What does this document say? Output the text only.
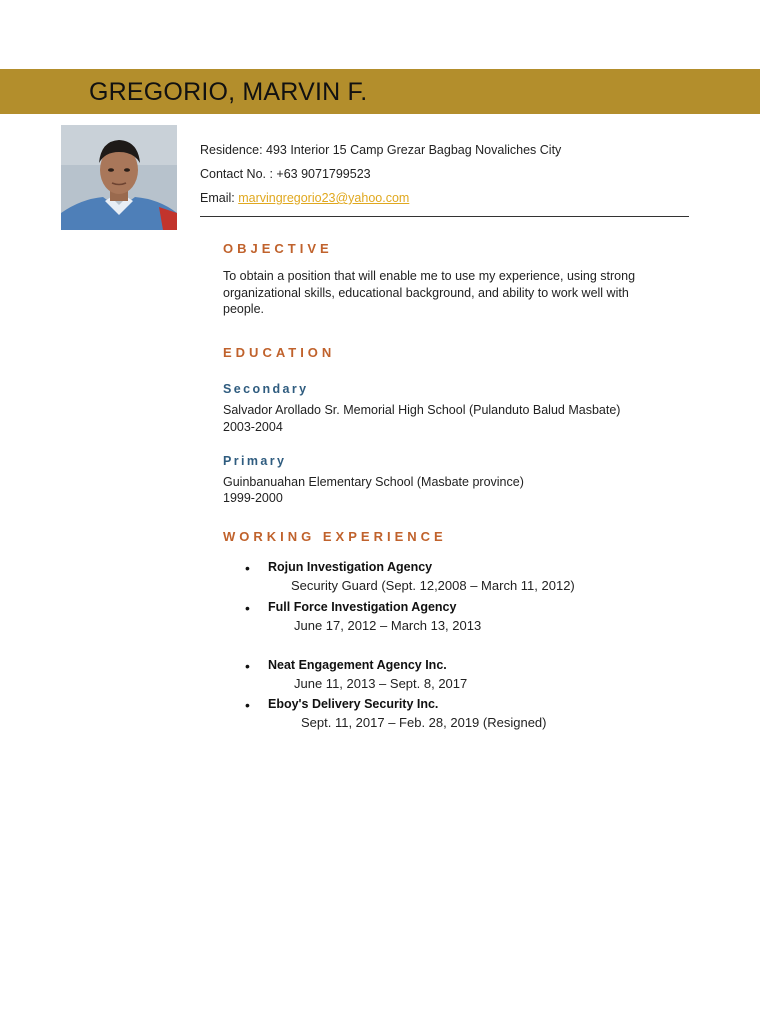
GREGORIO, MARVIN F.
Residence: 493 Interior 15 Camp Grezar Bagbag Novaliches City
Contact No. : +63 9071799523
Email: marvingregorio23@yahoo.com
OBJECTIVE
To obtain a position that will enable me to use my experience, using strong organizational skills, educational background, and ability to work well with people.
EDUCATION
Secondary
Salvador Arollado Sr. Memorial High School (Pulanduto Balud Masbate)
2003-2004
Primary
Guinbanuahan Elementary School (Masbate province)
1999-2000
WORKING EXPERIENCE
• Rojun Investigation Agency
Security Guard (Sept. 12,2008 – March 11, 2012)
• Full Force Investigation Agency
June 17, 2012 – March 13, 2013
• Neat Engagement Agency Inc.
June 11, 2013 – Sept. 8, 2017
• Eboy's Delivery Security Inc.
Sept. 11, 2017 – Feb. 28, 2019 (Resigned)
